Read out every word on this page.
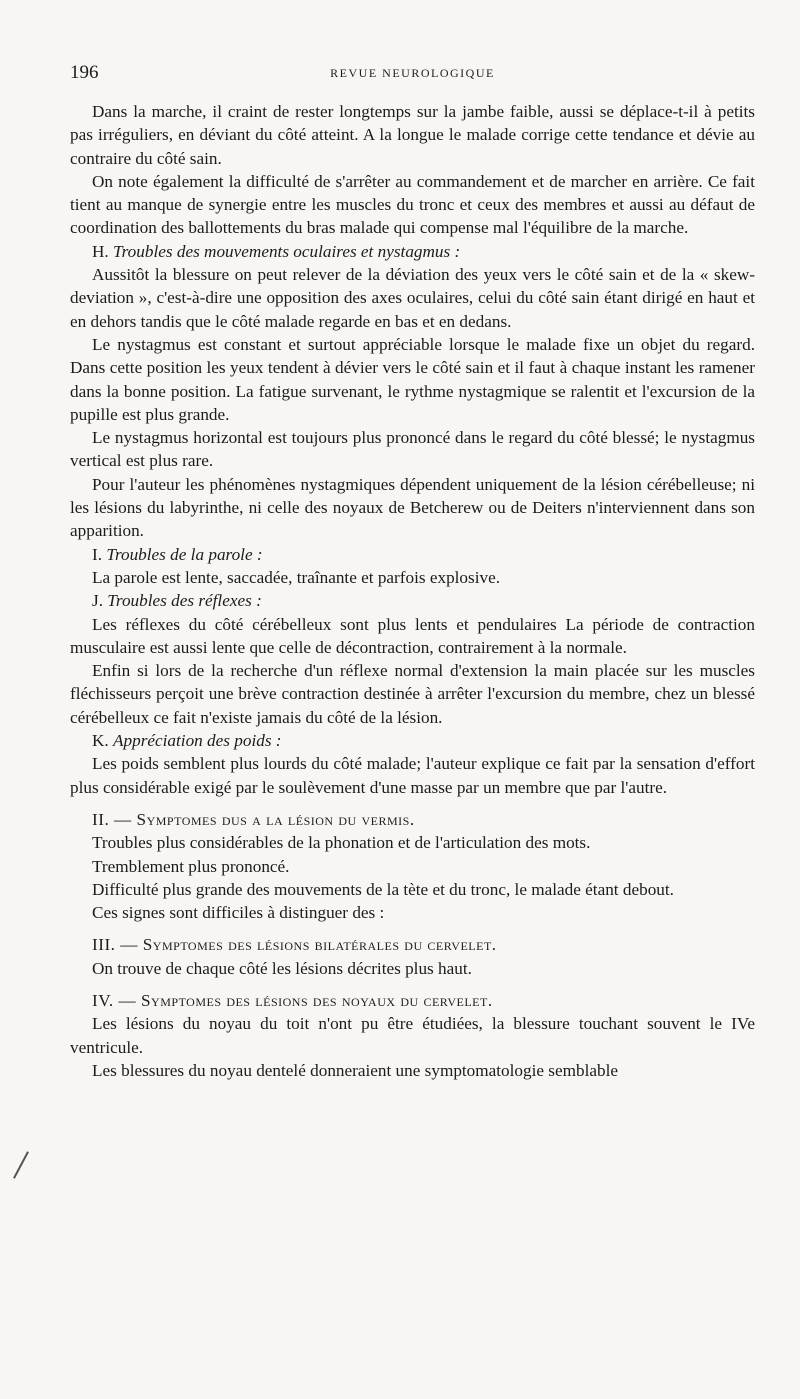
196	REVUE NEUROLOGIQUE

Dans la marche, il craint de rester longtemps sur la jambe faible, aussi se déplace-t-il à petits pas irréguliers, en déviant du côté atteint. A la longue le malade corrige cette tendance et dévie au contraire du côté sain.

On note également la difficulté de s'arrêter au commandement et de marcher en arrière. Ce fait tient au manque de synergie entre les muscles du tronc et ceux des membres et aussi au défaut de coordination des ballottements du bras malade qui compense mal l'équilibre de la marche.

H. Troubles des mouvements oculaires et nystagmus :

Aussitôt la blessure on peut relever de la déviation des yeux vers le côté sain et de la « skew-deviation », c'est-à-dire une opposition des axes oculaires, celui du côté sain étant dirigé en haut et en dehors tandis que le côté malade regarde en bas et en dedans.

Le nystagmus est constant et surtout appréciable lorsque le malade fixe un objet du regard. Dans cette position les yeux tendent à dévier vers le côté sain et il faut à chaque instant les ramener dans la bonne position. La fatigue survenant, le rythme nystagmique se ralentit et l'excursion de la pupille est plus grande.

Le nystagmus horizontal est toujours plus prononcé dans le regard du côté blessé; le nystagmus vertical est plus rare.

Pour l'auteur les phénomènes nystagmiques dépendent uniquement de la lésion cérébelleuse; ni les lésions du labyrinthe, ni celle des noyaux de Betcherew ou de Deiters n'interviennent dans son apparition.

I. Troubles de la parole :

La parole est lente, saccadée, traînante et parfois explosive.

J. Troubles des réflexes :

Les réflexes du côté cérébelleux sont plus lents et pendulaires La période de contraction musculaire est aussi lente que celle de décontraction, contrairement à la normale.

Enfin si lors de la recherche d'un réflexe normal d'extension la main placée sur les muscles fléchisseurs perçoit une brève contraction destinée à arrêter l'excursion du membre, chez un blessé cérébelleux ce fait n'existe jamais du côté de la lésion.

K. Appréciation des poids :

Les poids semblent plus lourds du côté malade; l'auteur explique ce fait par la sensation d'effort plus considérable exigé par le soulèvement d'une masse par un membre que par l'autre.

II. — Symptomes dus a la lésion du vermis.

Troubles plus considérables de la phonation et de l'articulation des mots.

Tremblement plus prononcé.

Difficulté plus grande des mouvements de la tète et du tronc, le malade étant debout.

Ces signes sont difficiles à distinguer des :

III. — Symptomes des lésions bilatérales du cervelet.

On trouve de chaque côté les lésions décrites plus haut.

IV. — Symptomes des lésions des noyaux du cervelet.

Les lésions du noyau du toit n'ont pu être étudiées, la blessure touchant souvent le IVe ventricule.

Les blessures du noyau dentelé donneraient une symptomatologie semblable
